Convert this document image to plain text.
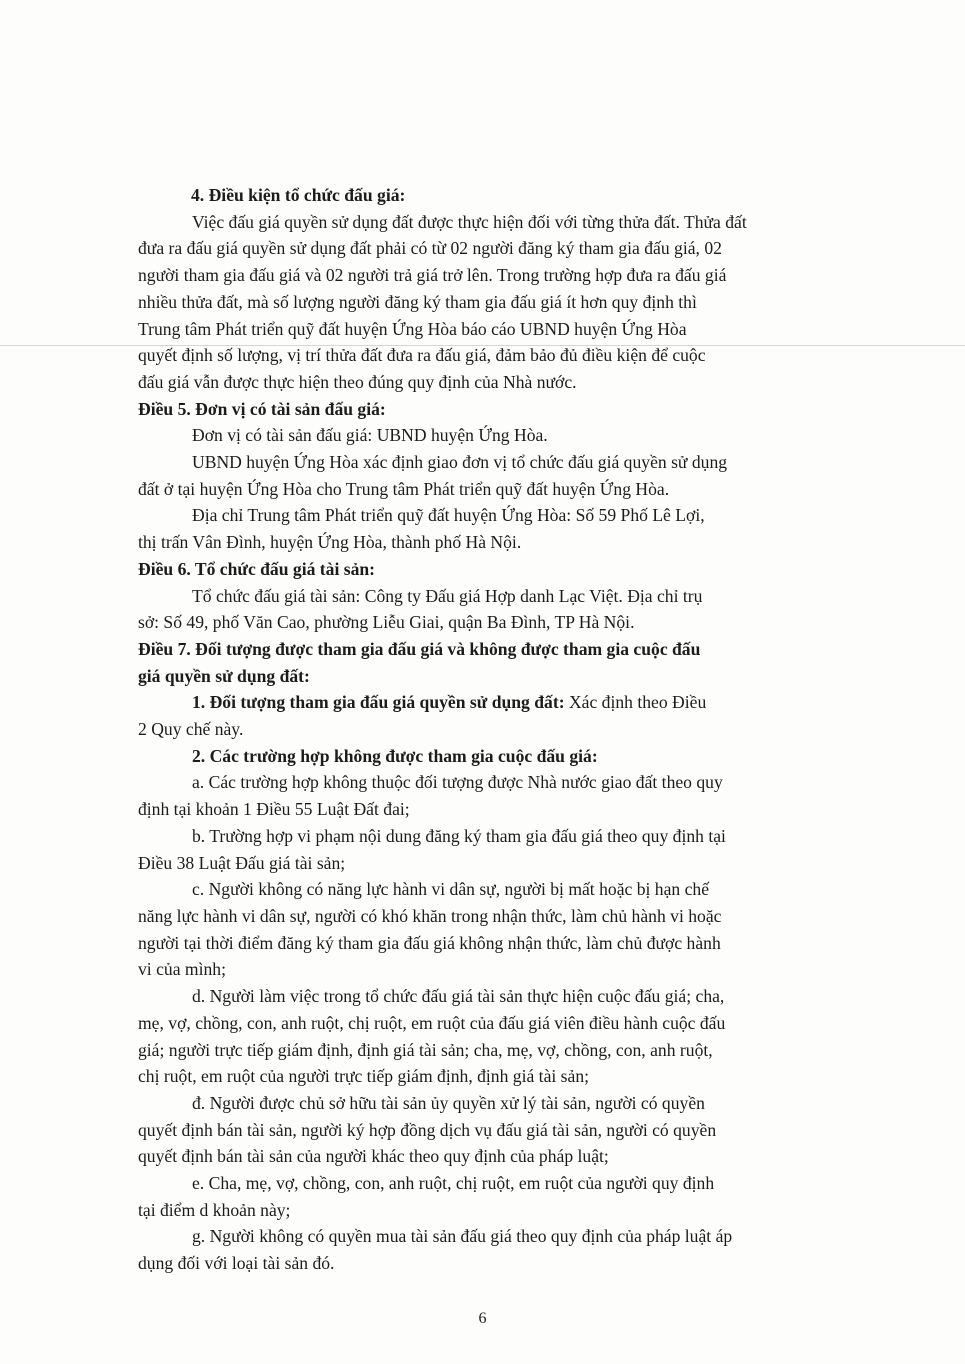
4. Điều kiện tổ chức đấu giá:
Việc đấu giá quyền sử dụng đất được thực hiện đối với từng thửa đất. Thửa đất
đưa ra đấu giá quyền sử dụng đất phải có từ 02 người đăng ký tham gia đấu giá, 02
người tham gia đấu giá và 02 người trả giá trở lên. Trong trường hợp đưa ra đấu giá
nhiều thửa đất, mà số lượng người đăng ký tham gia đấu giá ít hơn quy định thì
Trung tâm Phát triển quỹ đất huyện Ứng Hòa báo cáo UBND huyện Ứng Hòa
quyết định số lượng, vị trí thửa đất đưa ra đấu giá, đảm bảo đủ điều kiện để cuộc
đấu giá vẫn được thực hiện theo đúng quy định của Nhà nước.
Điều 5. Đơn vị có tài sản đấu giá:
Đơn vị có tài sản đấu giá: UBND huyện Ứng Hòa.
UBND huyện Ứng Hòa xác định giao đơn vị tổ chức đấu giá quyền sử dụng
đất ở tại huyện Ứng Hòa cho Trung tâm Phát triển quỹ đất huyện Ứng Hòa.
Địa chỉ Trung tâm Phát triển quỹ đất huyện Ứng Hòa: Số 59 Phố Lê Lợi,
thị trấn Vân Đình, huyện Ứng Hòa, thành phố Hà Nội.
Điều 6. Tổ chức đấu giá tài sản:
Tổ chức đấu giá tài sản: Công ty Đấu giá Hợp danh Lạc Việt. Địa chỉ trụ
sở: Số 49, phố Văn Cao, phường Liễu Giai, quận Ba Đình, TP Hà Nội.
Điều 7. Đối tượng được tham gia đấu giá và không được tham gia cuộc đấu
giá quyền sử dụng đất:
1. Đối tượng tham gia đấu giá quyền sử dụng đất: Xác định theo Điều
2 Quy chế này.
2. Các trường hợp không được tham gia cuộc đấu giá:
a. Các trường hợp không thuộc đối tượng được Nhà nước giao đất theo quy
định tại khoản 1 Điều 55 Luật Đất đai;
b. Trường hợp vi phạm nội dung đăng ký tham gia đấu giá theo quy định tại
Điều 38 Luật Đấu giá tài sản;
c. Người không có năng lực hành vi dân sự, người bị mất hoặc bị hạn chế
năng lực hành vi dân sự, người có khó khăn trong nhận thức, làm chủ hành vi hoặc
người tại thời điểm đăng ký tham gia đấu giá không nhận thức, làm chủ được hành
vi của mình;
d. Người làm việc trong tổ chức đấu giá tài sản thực hiện cuộc đấu giá; cha,
mẹ, vợ, chồng, con, anh ruột, chị ruột, em ruột của đấu giá viên điều hành cuộc đấu
giá; người trực tiếp giám định, định giá tài sản; cha, mẹ, vợ, chồng, con, anh ruột,
chị ruột, em ruột của người trực tiếp giám định, định giá tài sản;
đ. Người được chủ sở hữu tài sản ủy quyền xử lý tài sản, người có quyền
quyết định bán tài sản, người ký hợp đồng dịch vụ đấu giá tài sản, người có quyền
quyết định bán tài sản của người khác theo quy định của pháp luật;
e. Cha, mẹ, vợ, chồng, con, anh ruột, chị ruột, em ruột của người quy định
tại điểm d khoản này;
g. Người không có quyền mua tài sản đấu giá theo quy định của pháp luật áp
dụng đối với loại tài sản đó.
6
